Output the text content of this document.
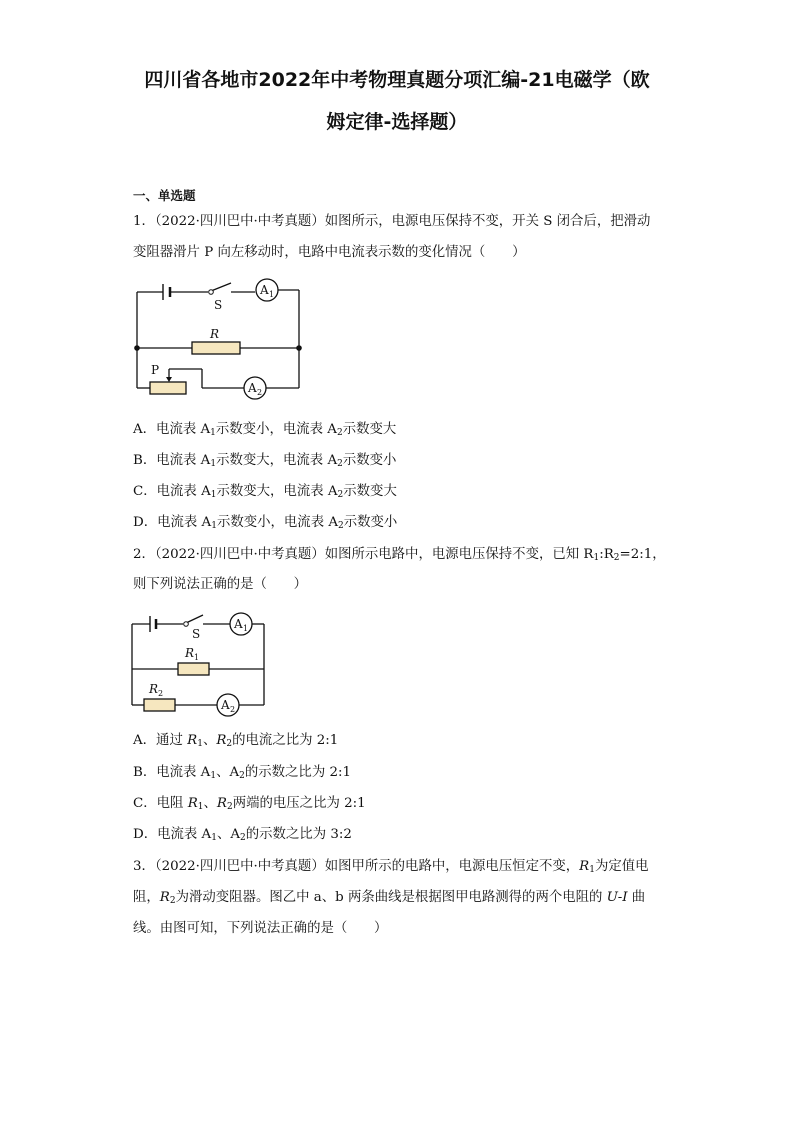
四川省各地市2022年中考物理真题分项汇编-21电磁学（欧
姆定律-选择题）
一、单选题
1．（2022·四川巴中·中考真题）如图所示，电源电压保持不变，开关 S 闭合后，把滑动
变阻器滑片 P 向左移动时，电路中电流表示数的变化情况（　　）
S
R
P
A 1
A 2
A．电流表 $A_1$示数变小，电流表 $A_2$示数变大
B．电流表 $A_1$示数变大，电流表 $A_2$示数变小
C．电流表 $A_1$示数变大，电流表 $A_2$示数变大
D．电流表 $A_1$示数变小，电流表 $A_2$示数变小
2．（2022·四川巴中·中考真题）如图所示电路中，电源电压保持不变，已知 $R_1:R_2=2:1$，
则下列说法正确的是（　　）
S
R 1
R 2
A 1
A 2
A．通过 $R_1$、$R_2$的电流之比为 2:1
B．电流表 $A_1$、$A_2$的示数之比为 2:1
C．电阻 $R_1$、$R_2$两端的电压之比为 2:1
D．电流表 $A_1$、$A_2$的示数之比为 3:2
3．（2022·四川巴中·中考真题）如图甲所示的电路中，电源电压恒定不变，$R_1$为定值电
阻，$R_2$为滑动变阻器。图乙中 a、b 两条曲线是根据图甲电路测得的两个电阻的 U-I 曲
线。由图可知，下列说法正确的是（　　）
